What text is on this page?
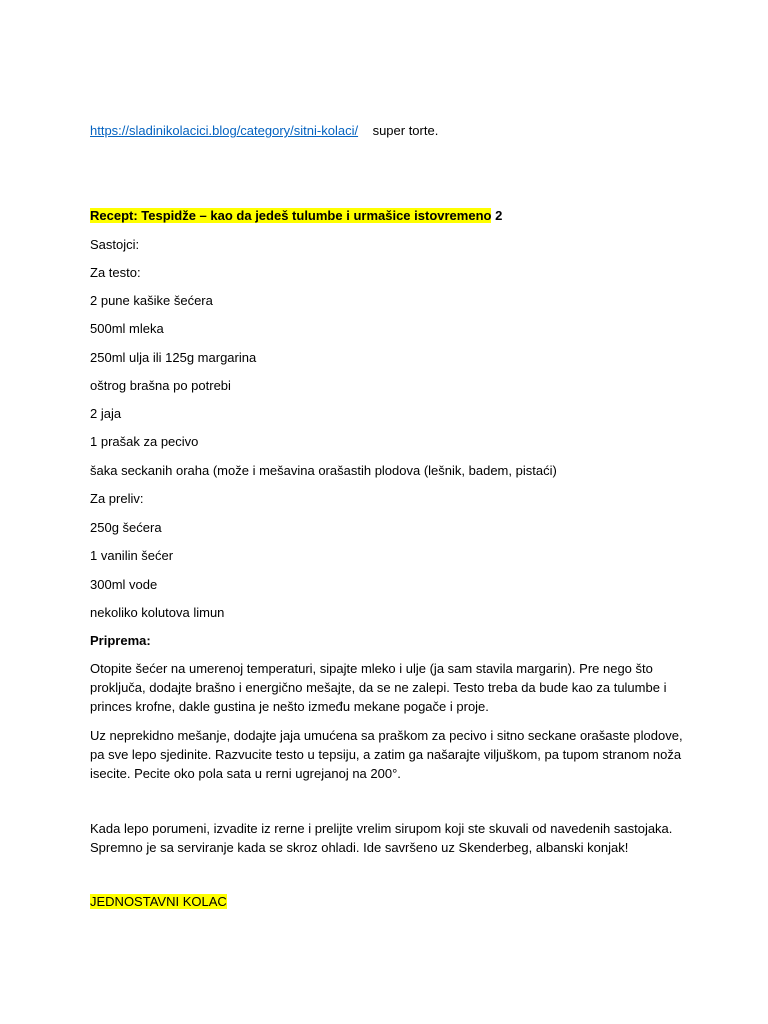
https://sladinikolacici.blog/category/sitni-kolaci/ super torte.
Recept: Tespidže – kao da jedeš tulumbe i urmašice istovremeno 2
Sastojci:
Za testo:
2 pune kašike šećera
500ml mleka
250ml ulja ili 125g margarina
oštrog brašna po potrebi
2 jaja
1 prašak za pecivo
šaka seckanih oraha (može i mešavina orašastih plodova (lešnik, badem, pistaći)
Za preliv:
250g šećera
1 vanilin šećer
300ml vode
nekoliko kolutova limun
Priprema:
Otopite šećer na umerenoj temperaturi, sipajte mleko i ulje (ja sam stavila margarin). Pre nego što proključa, dodajte brašno i energično mešajte, da se ne zalepi. Testo treba da bude kao za tulumbe i princes krofne, dakle gustina je nešto između mekane pogače i proje.
Uz neprekidno mešanje, dodajte jaja umućena sa praškom za pecivo i sitno seckane orašaste plodove, pa sve lepo sjedinite. Razvucite testo u tepsiju, a zatim ga našarajte viljuškom, pa tupom stranom noža isecite. Pecite oko pola sata u rerni ugrejanoj na 200°.
Kada lepo porumeni, izvadite iz rerne i prelijte vrelim sirupom koji ste skuvali od navedenih sastojaka. Spremno je sa serviranje kada se skroz ohladi. Ide savršeno uz Skenderbeg, albanski konjak!
JEDNOSTAVNI KOLAC
